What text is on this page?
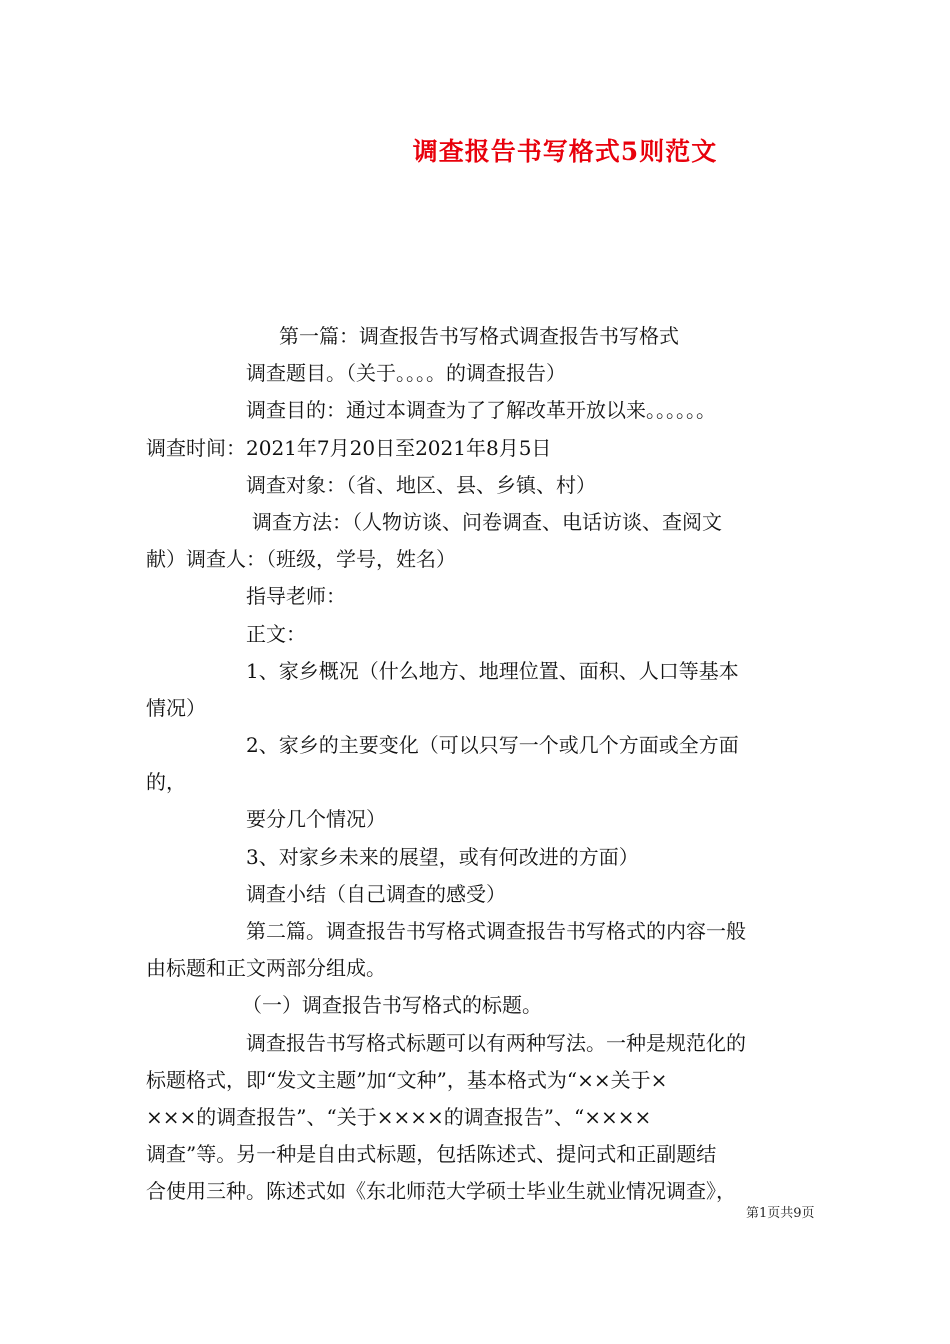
调查报告书写格式5则范文
第一篇：调查报告书写格式调查报告书写格式
调查题目。（关于。。。。的调查报告）
调查目的：通过本调查为了了解改革开放以来。。。。。。
调查时间：2021年7月20日至2021年8月5日
调查对象：（省、地区、县、乡镇、村）
调查方法：（人物访谈、问卷调查、电话访谈、查阅文
献）调查人：（班级，学号，姓名）
指导老师：
正文：
1、家乡概况（什么地方、地理位置、面积、人口等基本
情况）
2、家乡的主要变化（可以只写一个或几个方面或全方面
的，
要分几个情况）
3、对家乡未来的展望，或有何改进的方面）
调查小结（自己调查的感受）
第二篇。调查报告书写格式调查报告书写格式的内容一般
由标题和正文两部分组成。
（一）调查报告书写格式的标题。
调查报告书写格式标题可以有两种写法。一种是规范化的
标题格式，即“发文主题”加“文种”，基本格式为“××关于×
×××的调查报告”、“关于××××的调查报告”、“××××
调查”等。另一种是自由式标题，包括陈述式、提问式和正副题结
合使用三种。陈述式如《东北师范大学硕士毕业生就业情况调查》，
第1页共9页
